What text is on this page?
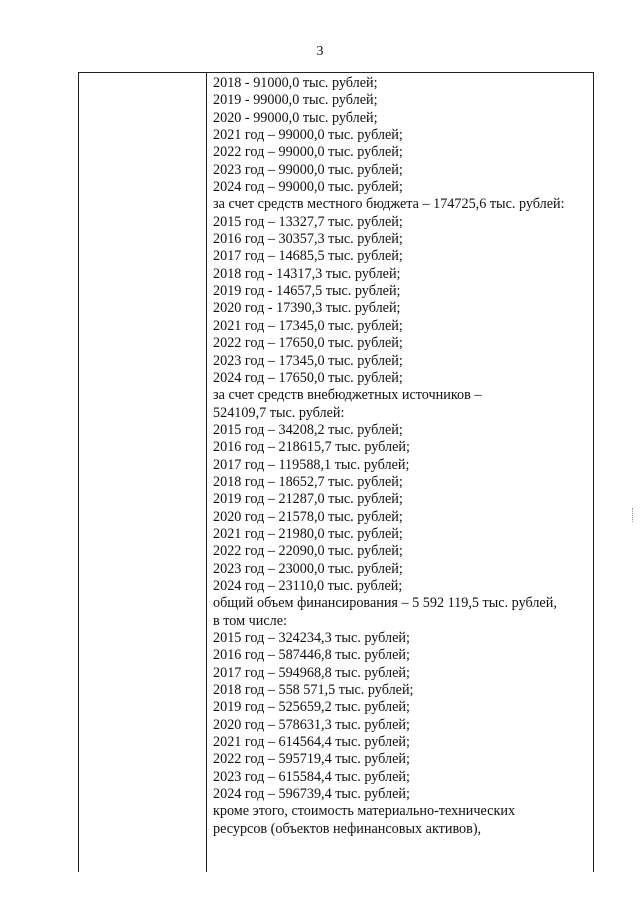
3
2018 - 91000,0 тыс. рублей;
2019 - 99000,0 тыс. рублей;
2020 - 99000,0 тыс. рублей;
2021 год – 99000,0 тыс. рублей;
2022 год – 99000,0 тыс. рублей;
2023 год – 99000,0 тыс. рублей;
2024 год – 99000,0 тыс. рублей;
за счет средств местного бюджета – 174725,6 тыс. рублей:
2015 год – 13327,7 тыс. рублей;
2016 год – 30357,3 тыс. рублей;
2017 год – 14685,5 тыс. рублей;
2018 год - 14317,3 тыс. рублей;
2019 год - 14657,5 тыс. рублей;
2020 год - 17390,3 тыс. рублей;
2021 год – 17345,0 тыс. рублей;
2022 год – 17650,0 тыс. рублей;
2023 год – 17345,0 тыс. рублей;
2024 год – 17650,0 тыс. рублей;
за счет средств внебюджетных источников –
524109,7 тыс. рублей:
2015 год – 34208,2 тыс. рублей;
2016 год – 218615,7 тыс. рублей;
2017 год – 119588,1 тыс. рублей;
2018 год – 18652,7 тыс. рублей;
2019 год – 21287,0 тыс. рублей;
2020 год – 21578,0 тыс. рублей;
2021 год – 21980,0 тыс. рублей;
2022 год – 22090,0 тыс. рублей;
2023 год – 23000,0 тыс. рублей;
2024 год – 23110,0 тыс. рублей;
общий объем финансирования – 5 592 119,5 тыс. рублей,
в том числе:
2015 год – 324234,3 тыс. рублей;
2016 год – 587446,8 тыс. рублей;
2017 год – 594968,8 тыс. рублей;
2018 год – 558 571,5 тыс. рублей;
2019 год – 525659,2 тыс. рублей;
2020 год – 578631,3 тыс. рублей;
2021 год – 614564,4 тыс. рублей;
2022 год – 595719,4 тыс. рублей;
2023 год – 615584,4 тыс. рублей;
2024 год – 596739,4 тыс. рублей;
кроме этого, стоимость материально-технических
ресурсов (объектов нефинансовых активов),
